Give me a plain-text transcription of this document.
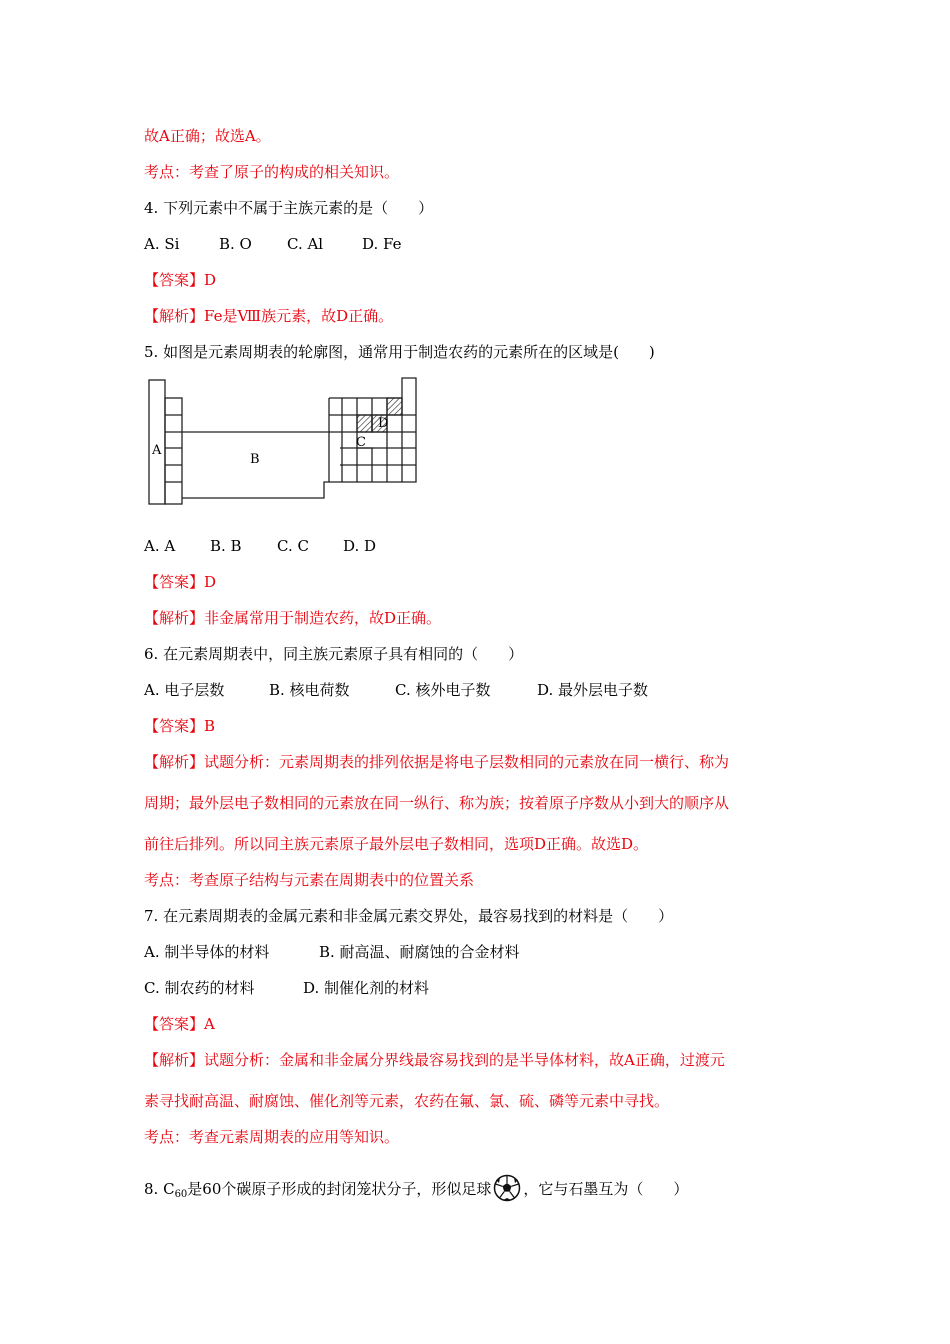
故A正确；故选A。
考点：考查了原子的构成的相关知识。
4. 下列元素中不属于主族元素的是（　　）
A. Si	B. O C. Al	D. Fe
【答案】D
【解析】Fe是Ⅷ族元素，故D正确。
5. 如图是元素周期表的轮廓图，通常用于制造农药的元素所在的区域是(　　)
A
B
C
D
A. A B. B C. C D. D
【答案】D
【解析】非金属常用于制造农药，故D正确。
6. 在元素周期表中，同主族元素原子具有相同的（　　）
A. 电子层数	B. 核电荷数	C. 核外电子数	D. 最外层电子数
【答案】B
【解析】试题分析：元素周期表的排列依据是将电子层数相同的元素放在同一横行、称为
周期；最外层电子数相同的元素放在同一纵行、称为族；按着原子序数从小到大的顺序从
前往后排列。所以同主族元素原子最外层电子数相同，选项D正确。故选D。
考点：考查原子结构与元素在周期表中的位置关系
7. 在元素周期表的金属元素和非金属元素交界处，最容易找到的材料是（　　）
A. 制半导体的材料	B. 耐高温、耐腐蚀的合金材料
C. 制农药的材料	D. 制催化剂的材料
【答案】A
【解析】试题分析：金属和非金属分界线最容易找到的是半导体材料，故A正确，过渡元
素寻找耐高温、耐腐蚀、催化剂等元素，农药在氟、氯、硫、磷等元素中寻找。
考点：考查元素周期表的应用等知识。
8. $C_{60}$是60个碳原子形成的封闭笼状分子，形似足球 ，它与石墨互为（　　）
